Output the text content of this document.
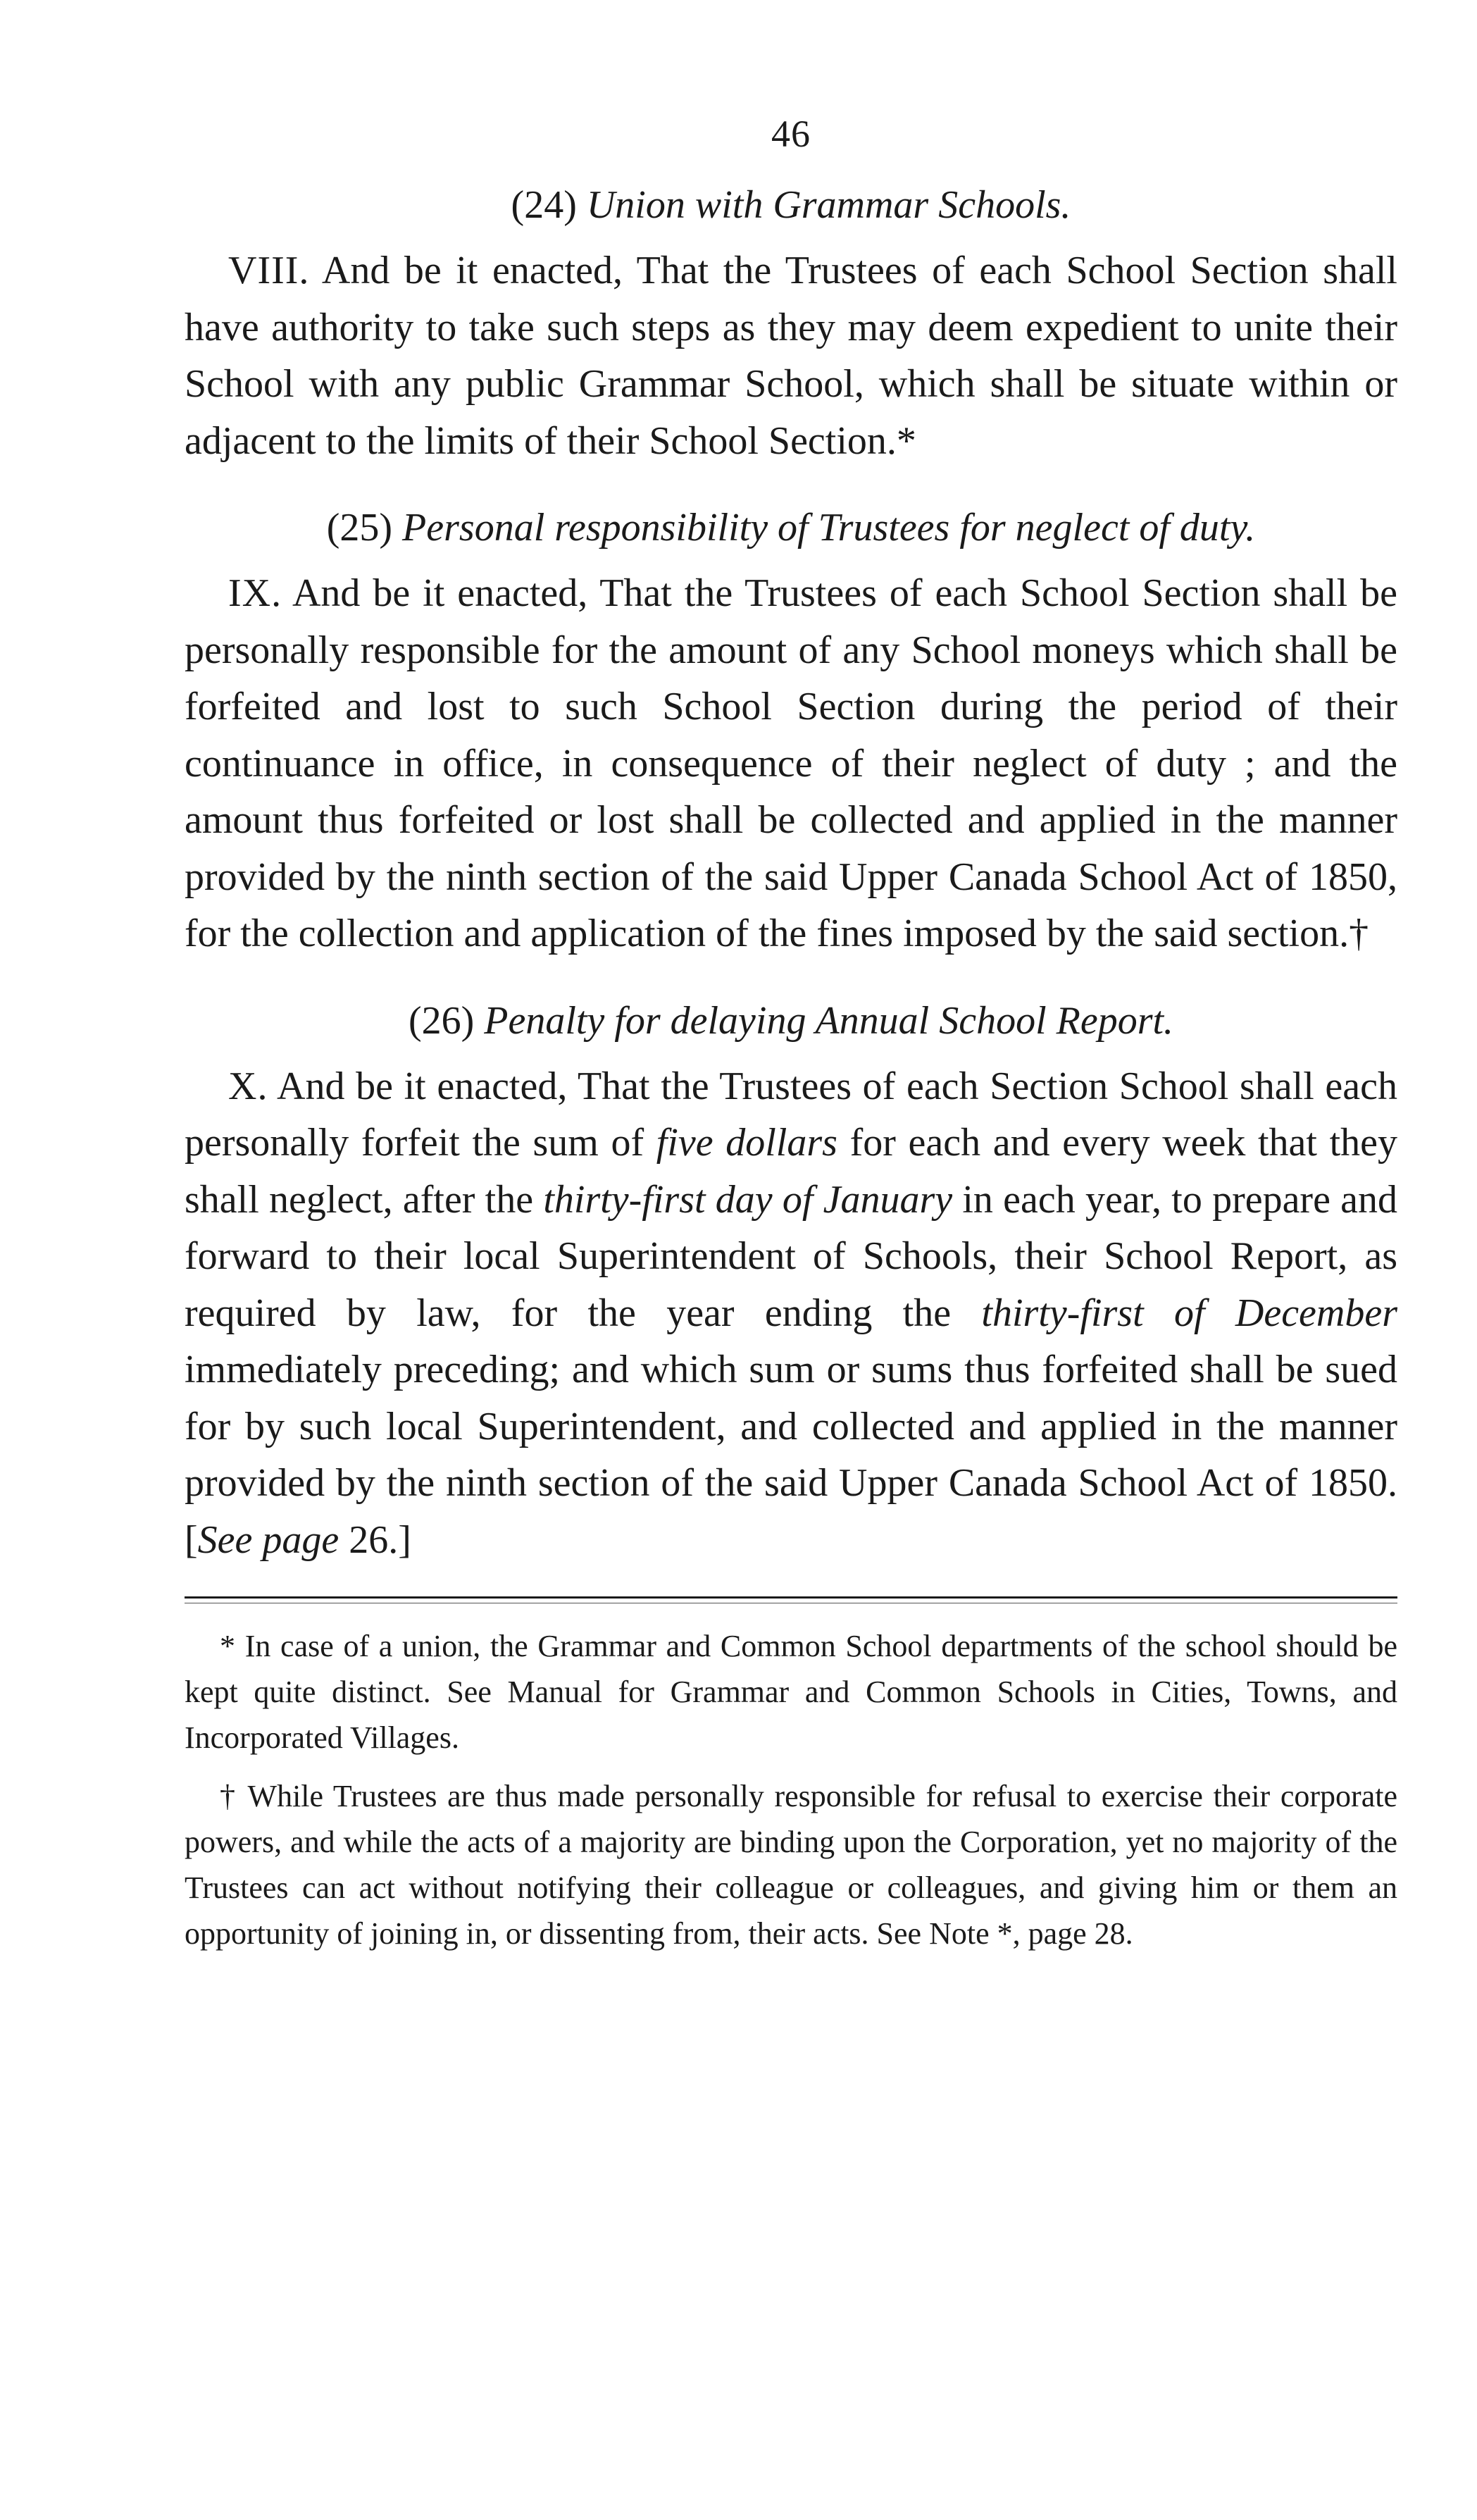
46
(24) Union with Grammar Schools.

VIII. And be it enacted, That the Trustees of each School Section shall have authority to take such steps as they may deem expedient to unite their School with any public Grammar School, which shall be situate within or adjacent to the limits of their School Section.*

(25) Personal responsibility of Trustees for neglect of duty.

IX. And be it enacted, That the Trustees of each School Section shall be personally responsible for the amount of any School moneys which shall be forfeited and lost to such School Section during the period of their continuance in office, in consequence of their neglect of duty ; and the amount thus forfeited or lost shall be collected and applied in the manner provided by the ninth section of the said Upper Canada School Act of 1850, for the collection and application of the fines imposed by the said section.†

(26) Penalty for delaying Annual School Report.

X. And be it enacted, That the Trustees of each Section School shall each personally forfeit the sum of five dollars for each and every week that they shall neglect, after the thirty-first day of January in each year, to prepare and forward to their local Superintendent of Schools, their School Report, as required by law, for the year ending the thirty-first of December immediately preceding; and which sum or sums thus forfeited shall be sued for by such local Superintendent, and collected and applied in the manner provided by the ninth section of the said Upper Canada School Act of 1850. [See page 26.]

* In case of a union, the Grammar and Common School departments of the school should be kept quite distinct. See Manual for Grammar and Common Schools in Cities, Towns, and Incorporated Villages.

† While Trustees are thus made personally responsible for refusal to exercise their corporate powers, and while the acts of a majority are binding upon the Corporation, yet no majority of the Trustees can act without notifying their colleague or colleagues, and giving him or them an opportunity of joining in, or dissenting from, their acts. See Note *, page 28.
